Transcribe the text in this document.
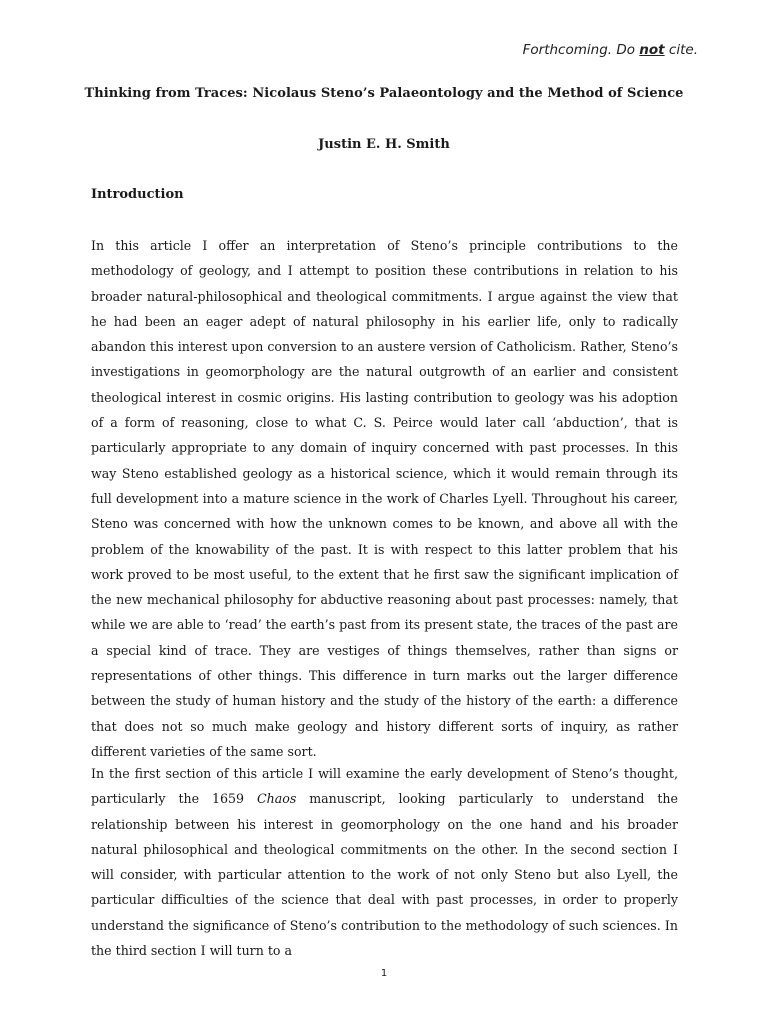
Forthcoming. Do not cite.
Thinking from Traces: Nicolaus Steno’s Palaeontology and the Method of Science
Justin E. H. Smith
Introduction

In this article I offer an interpretation of Steno’s principle contributions to the methodology of geology, and I attempt to position these contributions in relation to his broader natural-philosophical and theological commitments. I argue against the view that he had been an eager adept of natural philosophy in his earlier life, only to radically abandon this interest upon conversion to an austere version of Catholicism. Rather, Steno’s investigations in geomorphology are the natural outgrowth of an earlier and consistent theological interest in cosmic origins. His lasting contribution to geology was his adoption of a form of reasoning, close to what C. S. Peirce would later call ‘abduction’, that is particularly appropriate to any domain of inquiry concerned with past processes. In this way Steno established geology as a historical science, which it would remain through its full development into a mature science in the work of Charles Lyell. Throughout his career, Steno was concerned with how the unknown comes to be known, and above all with the problem of the knowability of the past. It is with respect to this latter problem that his work proved to be most useful, to the extent that he first saw the significant implication of the new mechanical philosophy for abductive reasoning about past processes: namely, that while we are able to ‘read’ the earth’s past from its present state, the traces of the past are a special kind of trace. They are vestiges of things themselves, rather than signs or representations of other things. This difference in turn marks out the larger difference between the study of human history and the study of the history of the earth: a difference that does not so much make geology and history different sorts of inquiry, as rather different varieties of the same sort.

In the first section of this article I will examine the early development of Steno’s thought, particularly the 1659 Chaos manuscript, looking particularly to understand the relationship between his interest in geomorphology on the one hand and his broader natural philosophical and theological commitments on the other. In the second section I will consider, with particular attention to the work of not only Steno but also Lyell, the particular difficulties of the science that deal with past processes, in order to properly understand the significance of Steno’s contribution to the methodology of such sciences. In the third section I will turn to a

1
